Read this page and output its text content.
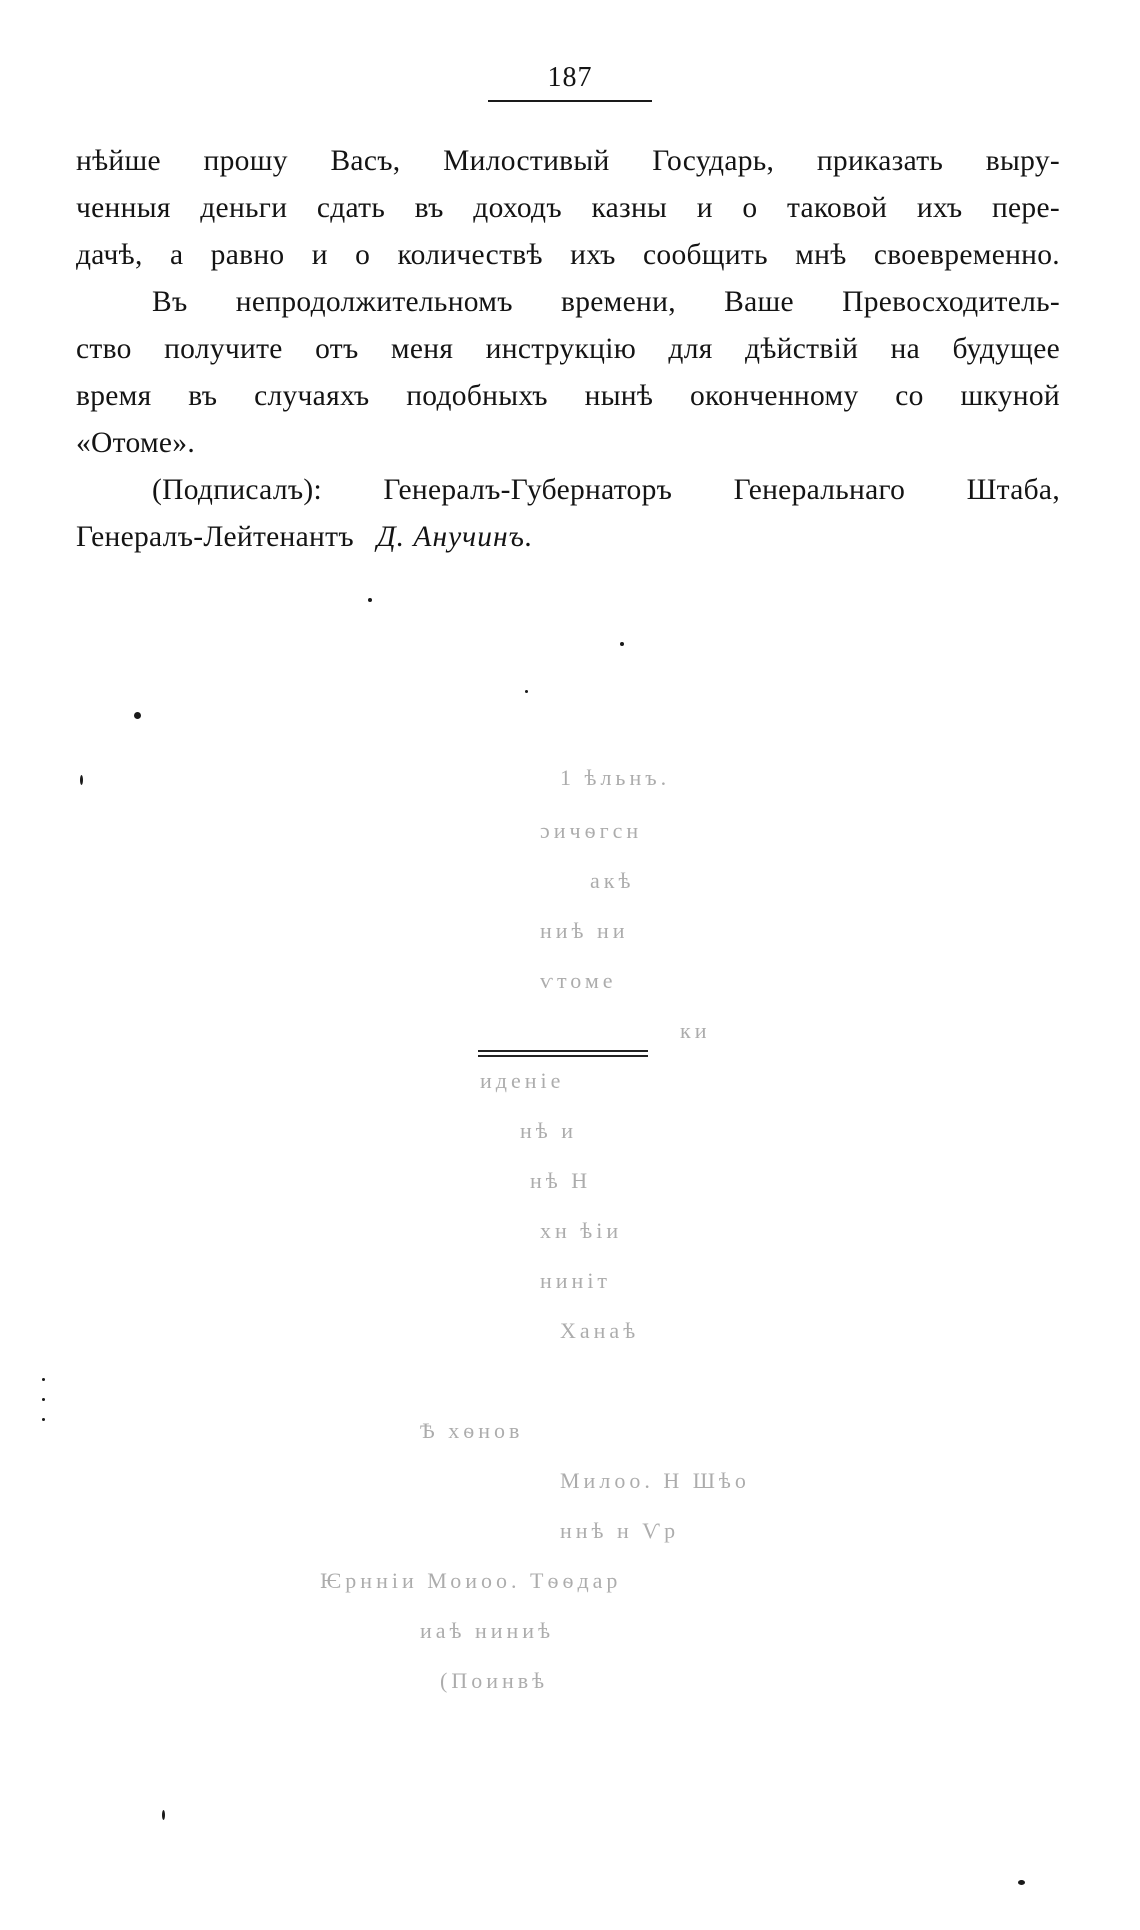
187

нѣйше прошу Васъ, Милостивый Государь, приказать выру-
ченныя деньги сдать въ доходъ казны и о таковой ихъ пере-
дачѣ, а равно и о количествѣ ихъ сообщить мнѣ своевременно.

Въ непродолжительномъ времени, Ваше Превосходитель-
ство получите отъ меня инструкцію для дѣйствій на будущее
время въ случаяхъ подобныхъ нынѣ оконченному со шкуной
«Отоме».

(Подписалъ): Генералъ-Губернаторъ Генеральнаго Штаба,
Генералъ-Лейтенантъ Д. Анучинъ.

1 ѣльнъ.
ɔичѳгсн
акѣ
ниѣ ни
ѵтоме
ки
иденіе
нѣ и
нѣ Н
хн ѣіи
ниніт
Ханаѣ
Ѣ хѳнов
Милоо. Н Шѣо
ннѣ н Ѵр
Ѥрнніи Моиоo. Тѳѳдар
иаѣ ниниѣ
(Поинвѣ
